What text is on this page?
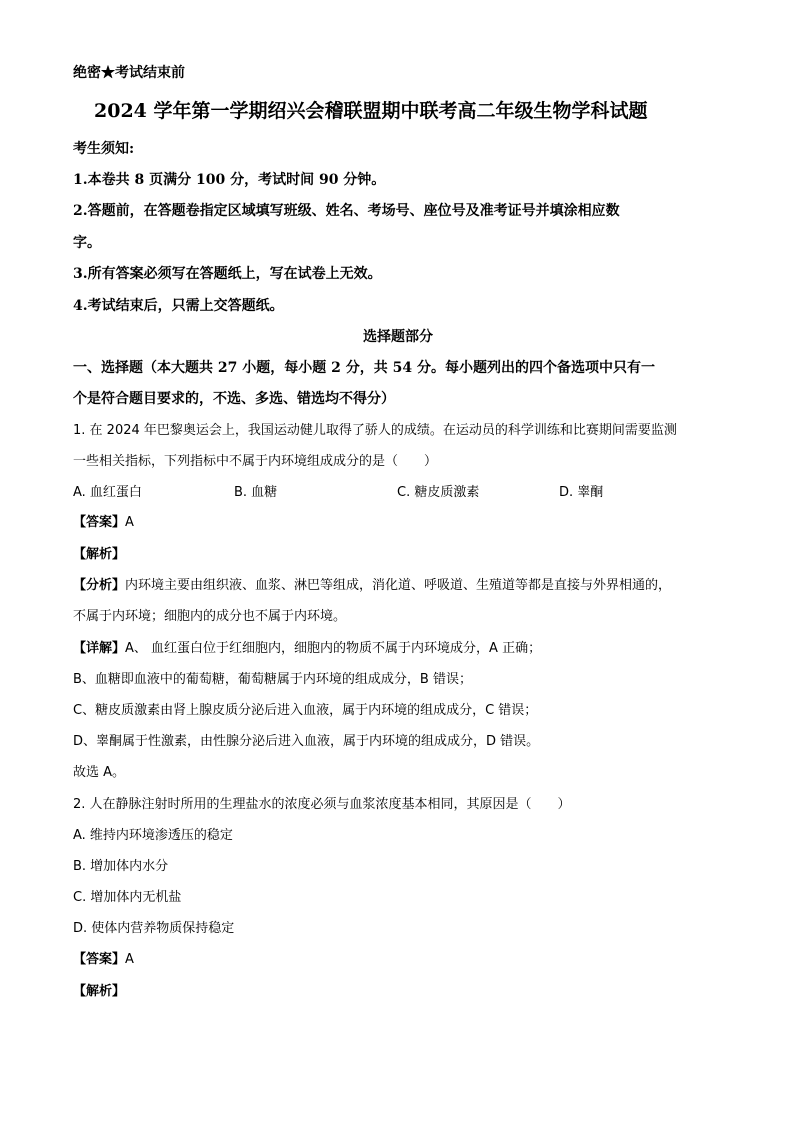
绝密★考试结束前
2024 学年第一学期绍兴会稽联盟期中联考高二年级生物学科试题
考生须知:
1.本卷共 8 页满分 100 分，考试时间 90 分钟。
2.答题前，在答题卷指定区域填写班级、姓名、考场号、座位号及准考证号并填涂相应数
字。
3.所有答案必须写在答题纸上，写在试卷上无效。
4.考试结束后，只需上交答题纸。
选择题部分
一、选择题（本大题共 27 小题，每小题 2 分，共 54 分。每小题列出的四个备选项中只有一
个是符合题目要求的，不选、多选、错选均不得分）
1. 在 2024 年巴黎奥运会上，我国运动健儿取得了骄人的成绩。在运动员的科学训练和比赛期间需要监测
一些相关指标，下列指标中不属于内环境组成成分的是（　　）
A. 血红蛋白	B. 血糖	C. 糖皮质激素	D. 睾酮
【答案】A
【解析】
【分析】内环境主要由组织液、血浆、淋巴等组成，消化道、呼吸道、生殖道等都是直接与外界相通的，
不属于内环境；细胞内的成分也不属于内环境。
【详解】A、 血红蛋白位于红细胞内，细胞内的物质不属于内环境成分，A 正确；
B、血糖即血液中的葡萄糖，葡萄糖属于内环境的组成成分，B 错误；
C、糖皮质激素由肾上腺皮质分泌后进入血液，属于内环境的组成成分，C 错误；
D、睾酮属于性激素，由性腺分泌后进入血液，属于内环境的组成成分，D 错误。
故选 A。
2. 人在静脉注射时所用的生理盐水的浓度必须与血浆浓度基本相同，其原因是（　　）
A. 维持内环境渗透压的稳定
B. 增加体内水分
C. 增加体内无机盐
D. 使体内营养物质保持稳定
【答案】A
【解析】
